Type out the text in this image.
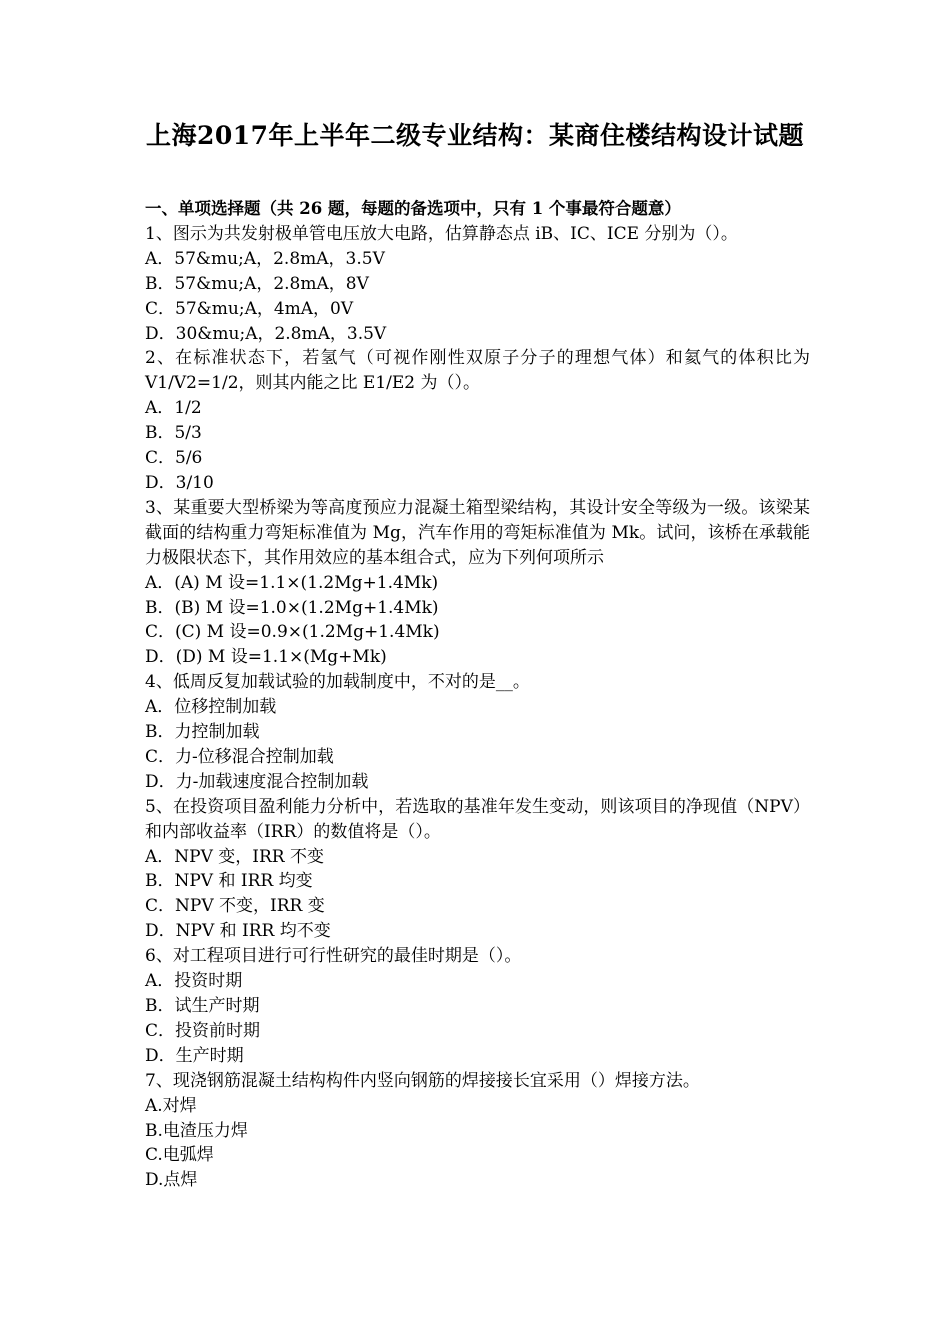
上海2017年上半年二级专业结构：某商住楼结构设计试题
一、单项选择题（共 26 题，每题的备选项中，只有 1 个事最符合题意）
1、图示为共发射极单管电压放大电路，估算静态点 iB、IC、ICE 分别为（）。
A．57&mu;A，2.8mA，3.5V
B．57&mu;A，2.8mA，8V
C．57&mu;A，4mA，0V
D．30&mu;A，2.8mA，3.5V
2、在标准状态下，若氢气（可视作刚性双原子分子的理想气体）和氦气的体积比为 V1/V2=1/2，则其内能之比 E1/E2 为（）。
A．1/2
B．5/3
C．5/6
D．3/10
3、某重要大型桥梁为等高度预应力混凝土箱型梁结构，其设计安全等级为一级。该梁某截面的结构重力弯矩标准值为 Mg，汽车作用的弯矩标准值为 Mk。试问，该桥在承载能力极限状态下，其作用效应的基本组合式，应为下列何项所示
A．(A) M 设=1.1×(1.2Mg+1.4Mk)
B．(B) M 设=1.0×(1.2Mg+1.4Mk)
C．(C) M 设=0.9×(1.2Mg+1.4Mk)
D．(D) M 设=1.1×(Mg+Mk)
4、低周反复加载试验的加载制度中，不对的是__。
A．位移控制加载
B．力控制加载
C．力-位移混合控制加载
D．力-加载速度混合控制加载
5、在投资项目盈利能力分析中，若选取的基准年发生变动，则该项目的净现值（NPV）和内部收益率（IRR）的数值将是（）。
A．NPV 变，IRR 不变
B．NPV 和 IRR 均变
C．NPV 不变，IRR 变
D．NPV 和 IRR 均不变
6、对工程项目进行可行性研究的最佳时期是（）。
A．投资时期
B．试生产时期
C．投资前时期
D．生产时期
7、现浇钢筋混凝土结构构件内竖向钢筋的焊接接长宜采用（）焊接方法。
A.对焊
B.电渣压力焊
C.电弧焊
D.点焊
